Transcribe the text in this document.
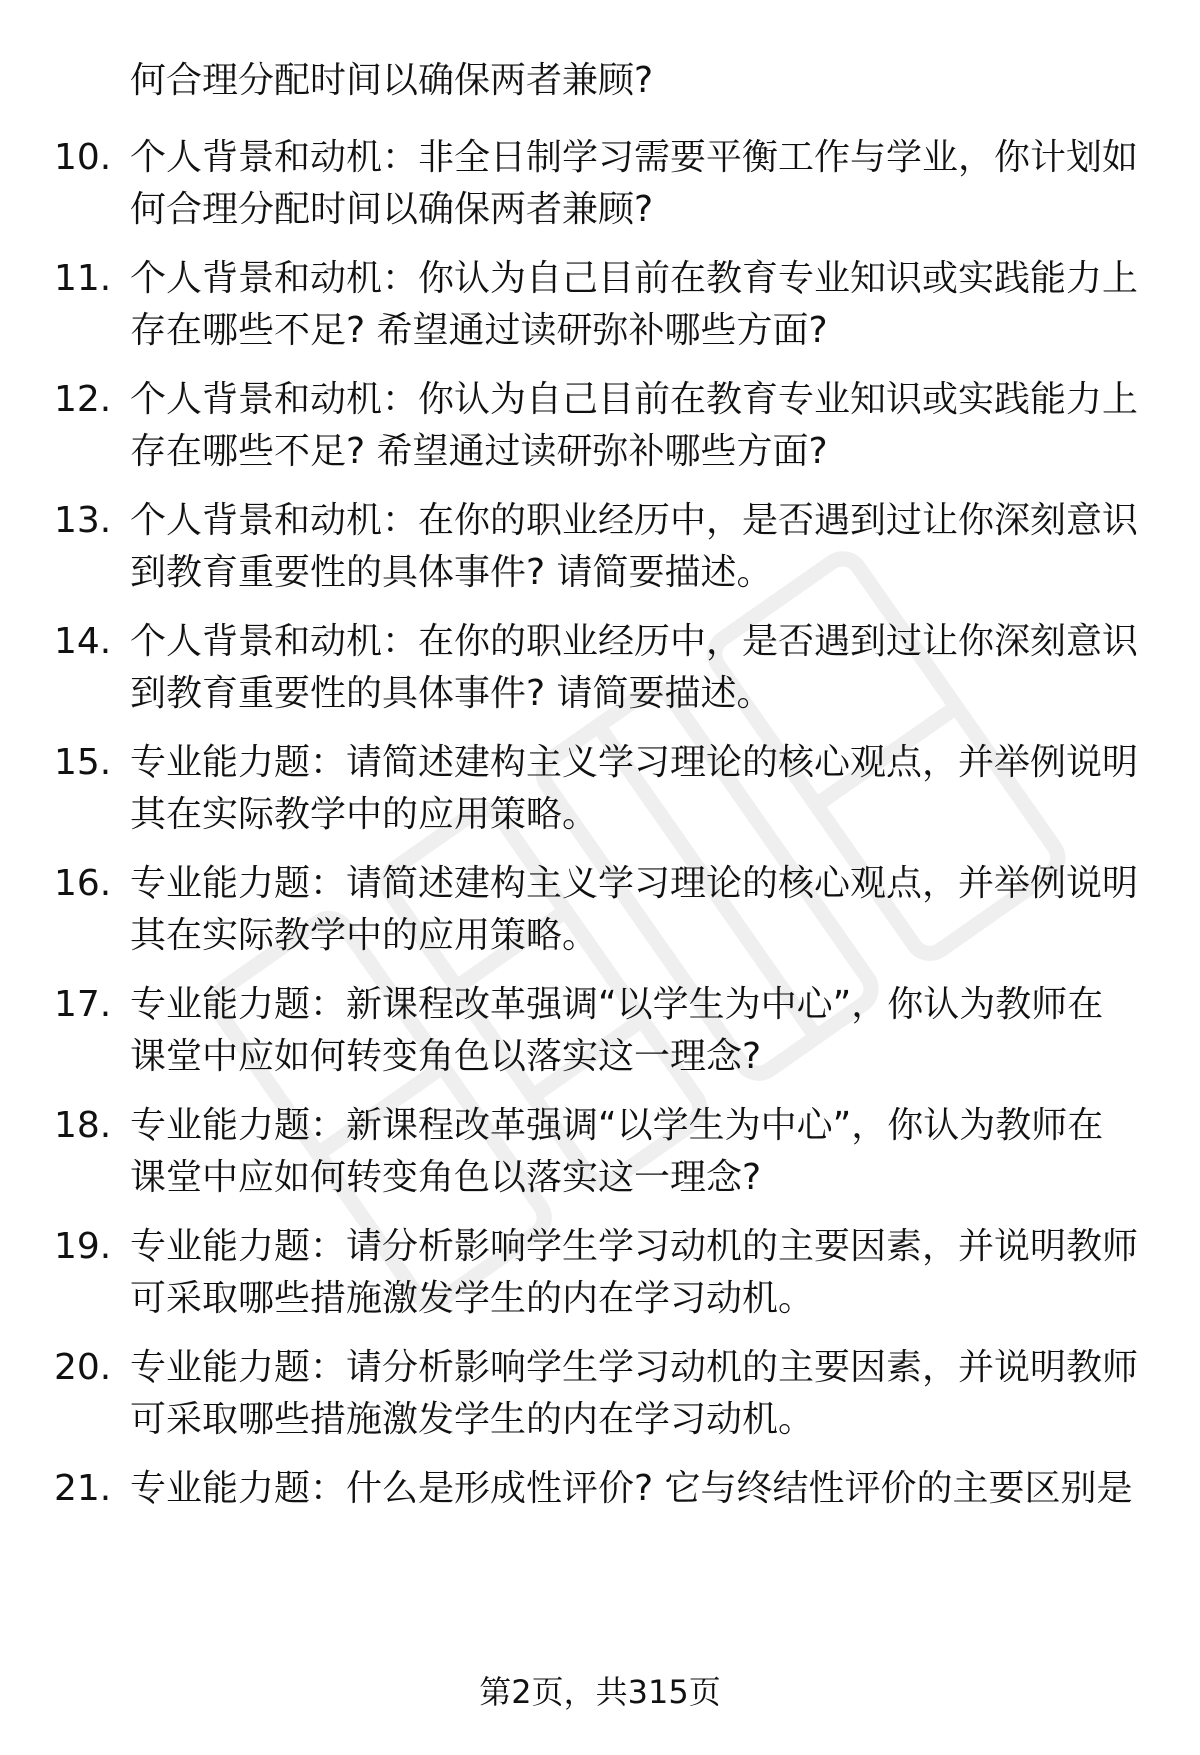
何合理分配时间以确保两者兼顾?
10. 个人背景和动机：非全日制学习需要平衡工作与学业，你计划如
何合理分配时间以确保两者兼顾?
11. 个人背景和动机：你认为自己目前在教育专业知识或实践能力上
存在哪些不足? 希望通过读研弥补哪些方面?
12. 个人背景和动机：你认为自己目前在教育专业知识或实践能力上
存在哪些不足? 希望通过读研弥补哪些方面?
13. 个人背景和动机：在你的职业经历中，是否遇到过让你深刻意识
到教育重要性的具体事件? 请简要描述。
14. 个人背景和动机：在你的职业经历中，是否遇到过让你深刻意识
到教育重要性的具体事件? 请简要描述。
15. 专业能力题：请简述建构主义学习理论的核心观点，并举例说明
其在实际教学中的应用策略。
16. 专业能力题：请简述建构主义学习理论的核心观点，并举例说明
其在实际教学中的应用策略。
17. 专业能力题：新课程改革强调“以学生为中心”，你认为教师在
课堂中应如何转变角色以落实这一理念?
18. 专业能力题：新课程改革强调“以学生为中心”，你认为教师在
课堂中应如何转变角色以落实这一理念?
19. 专业能力题：请分析影响学生学习动机的主要因素，并说明教师
可采取哪些措施激发学生的内在学习动机。
20. 专业能力题：请分析影响学生学习动机的主要因素，并说明教师
可采取哪些措施激发学生的内在学习动机。
21. 专业能力题：什么是形成性评价? 它与终结性评价的主要区别是
第2页，共315页
